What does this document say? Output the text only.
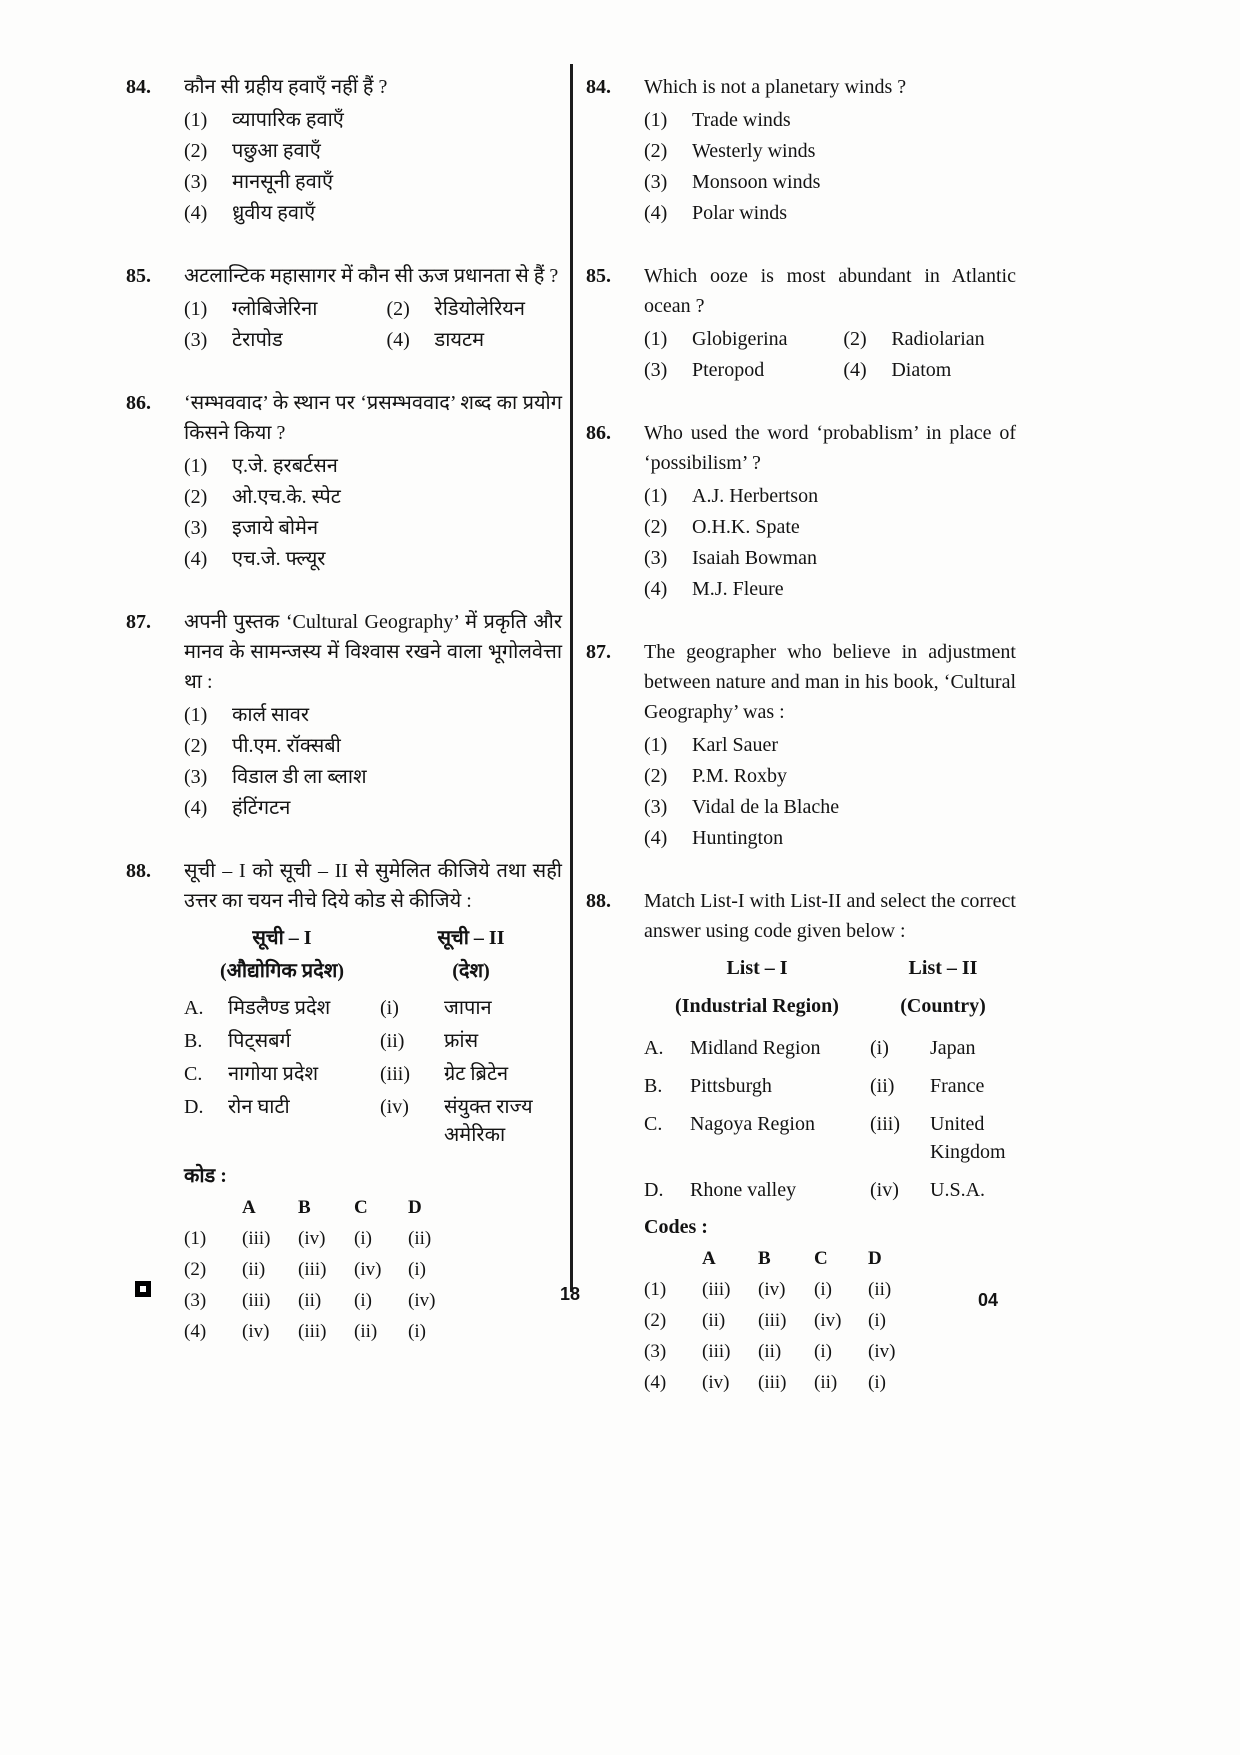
84.	कौन सी ग्रहीय हवाएँ नहीं हैं ?
(1)	व्यापारिक हवाएँ
(2)	पछुआ हवाएँ
(3)	मानसूनी हवाएँ
(4)	ध्रुवीय हवाएँ
85.	अटलान्टिक महासागर में कौन सी ऊज प्रधानता से हैं ?
(1)	ग्लोबिजेरिना	(2)	रेडियोलेरियन
(3)	टेरापोड	(4)	डायटम
86.	‘सम्भववाद’ के स्थान पर ‘प्रसम्भववाद’ शब्द का प्रयोग किसने किया ?
(1)	ए.जे. हरबर्टसन
(2)	ओ.एच.के. स्पेट
(3)	इजाये बोमेन
(4)	एच.जे. फ्ल्यूर
87.	अपनी पुस्तक ‘Cultural Geography’ में प्रकृति और मानव के सामन्जस्य में विश्वास रखने वाला भूगोलवेत्ता था :
(1)	कार्ल सावर
(2)	पी.एम. रॉक्सबी
(3)	विडाल डी ला ब्लाश
(4)	हंटिंगटन
88.	सूची – I को सूची – II से सुमेलित कीजिये तथा सही उत्तर का चयन नीचे दिये कोड से कीजिये :
सूची – I	सूची – II
(औद्योगिक प्रदेश)	(देश)
A.	मिडलैण्ड प्रदेश	(i)	जापान
B.	पिट्सबर्ग	(ii)	फ्रांस
C.	नागोया प्रदेश	(iii)	ग्रेट ब्रिटेन
D.	रोन घाटी	(iv)	संयुक्त राज्य अमेरिका
कोड :
A	B	C	D
(1)	(iii)	(iv)	(i)	(ii)
(2)	(ii)	(iii)	(iv)	(i)
(3)	(iii)	(ii)	(i)	(iv)
(4)	(iv)	(iii)	(ii)	(i)
84.	Which is not a planetary winds ?
(1)	Trade winds
(2)	Westerly winds
(3)	Monsoon winds
(4)	Polar winds
85.	Which ooze is most abundant in Atlantic ocean ?
(1)	Globigerina	(2)	Radiolarian
(3)	Pteropod	(4)	Diatom
86.	Who used the word ‘probablism’ in place of ‘possibilism’ ?
(1)	A.J. Herbertson
(2)	O.H.K. Spate
(3)	Isaiah Bowman
(4)	M.J. Fleure
87.	The geographer who believe in adjustment between nature and man in his book, ‘Cultural Geography’ was :
(1)	Karl Sauer
(2)	P.M. Roxby
(3)	Vidal de la Blache
(4)	Huntington
88.	Match List-I with List-II and select the correct answer using code given below :
List – I	List – II
(Industrial Region)	(Country)
A.	Midland Region	(i)	Japan
B.	Pittsburgh	(ii)	France
C.	Nagoya Region	(iii)	United Kingdom
D.	Rhone valley	(iv)	U.S.A.
Codes :
A	B	C	D
(1)	(iii)	(iv)	(i)	(ii)
(2)	(ii)	(iii)	(iv)	(i)
(3)	(iii)	(ii)	(i)	(iv)
(4)	(iv)	(iii)	(ii)	(i)
18	04
